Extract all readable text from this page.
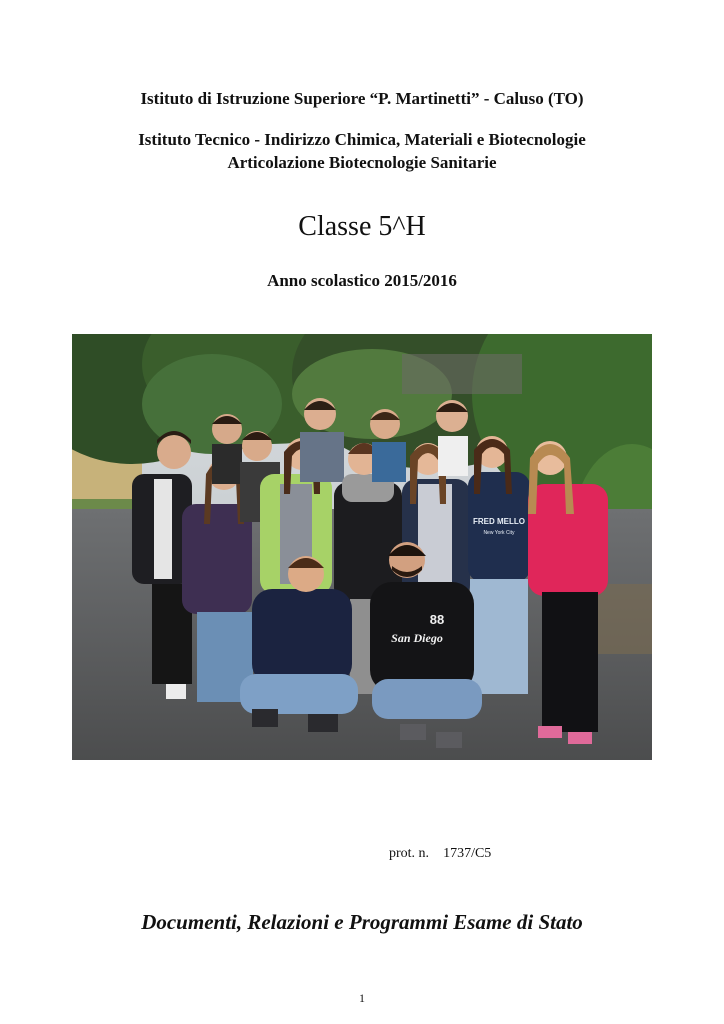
Istituto di Istruzione Superiore “P. Martinetti” - Caluso (TO)
Istituto Tecnico - Indirizzo Chimica, Materiali e Biotecnologie
Articolazione Biotecnologie Sanitarie
Classe 5^H
Anno scolastico 2015/2016
FRED MELLO
New York City
88
San Diego
prot. n. 1737/C5
Documenti, Relazioni e Programmi Esame di Stato
1
